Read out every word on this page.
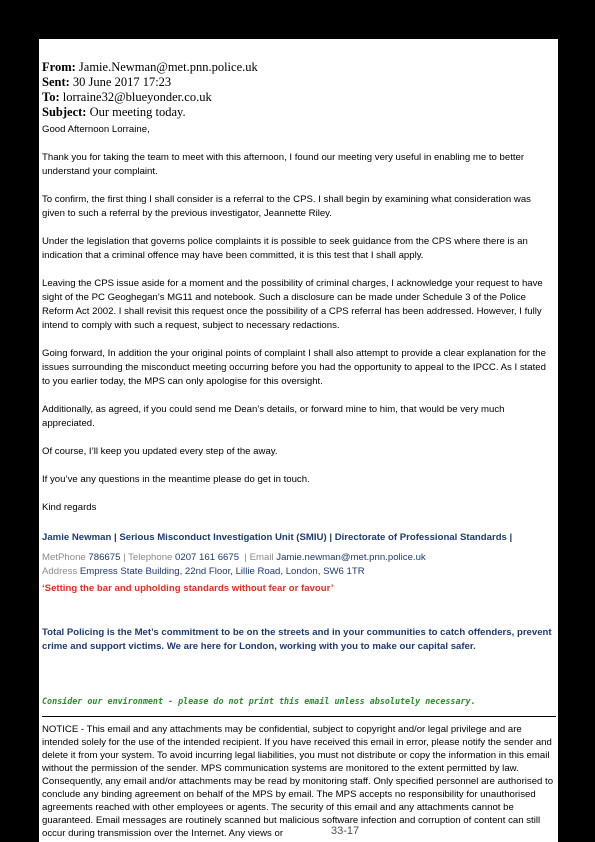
From: Jamie.Newman@met.pnn.police.uk

Sent: 30 June 2017 17:23

To: lorraine32@blueyonder.co.uk

Subject: Our meeting today.

Good Afternoon Lorraine,

Thank you for taking the team to meet with this afternoon, I found our meeting very useful in enabling me to better understand your complaint.

To confirm, the first thing I shall consider is a referral to the CPS. I shall begin by examining what consideration was given to such a referral by the previous investigator, Jeannette Riley.

Under the legislation that governs police complaints it is possible to seek guidance from the CPS where there is an indication that a criminal offence may have been committed, it is this test that I shall apply.

Leaving the CPS issue aside for a moment and the possibility of criminal charges, I acknowledge your request to have sight of the PC Geoghegan’s MG11 and notebook. Such a disclosure can be made under Schedule 3 of the Police Reform Act 2002. I shall revisit this request once the possibility of a CPS referral has been addressed. However, I fully intend to comply with such a request, subject to necessary redactions.

Going forward, In addition the your original points of complaint I shall also attempt to provide a clear explanation for the issues surrounding the misconduct meeting occurring before you had the opportunity to appeal to the IPCC. As I stated to you earlier today, the MPS can only apologise for this oversight.

Additionally, as agreed, if you could send me Dean’s details, or forward mine to him, that would be very much appreciated.

Of course, I’ll keep you updated every step of the away.

If you’ve any questions in the meantime please do get in touch.

Kind regards

Jamie Newman | Serious Misconduct Investigation Unit (SMIU) | Directorate of Professional Standards |

MetPhone 786675 | Telephone 0207 161 6675  | Email Jamie.newman@met.pnn.police.uk

Address Empress State Building, 22nd Floor, Lillie Road, London, SW6 1TR

‘Setting the bar and upholding standards without fear or favour’

Total Policing is the Met’s commitment to be on the streets and in your communities to catch offenders, prevent crime and support victims. We are here for London, working with you to make our capital safer.

Consider our environment - please do not print this email unless absolutely necessary.

NOTICE - This email and any attachments may be confidential, subject to copyright and/or legal privilege and are intended solely for the use of the intended recipient. If you have received this email in error, please notify the sender and delete it from your system. To avoid incurring legal liabilities, you must not distribute or copy the information in this email without the permission of the sender. MPS communication systems are monitored to the extent permitted by law. Consequently, any email and/or attachments may be read by monitoring staff. Only specified personnel are authorised to conclude any binding agreement on behalf of the MPS by email. The MPS accepts no responsibility for unauthorised agreements reached with other employees or agents. The security of this email and any attachments cannot be guaranteed. Email messages are routinely scanned but malicious software infection and corruption of content can still occur during transmission over the Internet. Any views or	33-17
